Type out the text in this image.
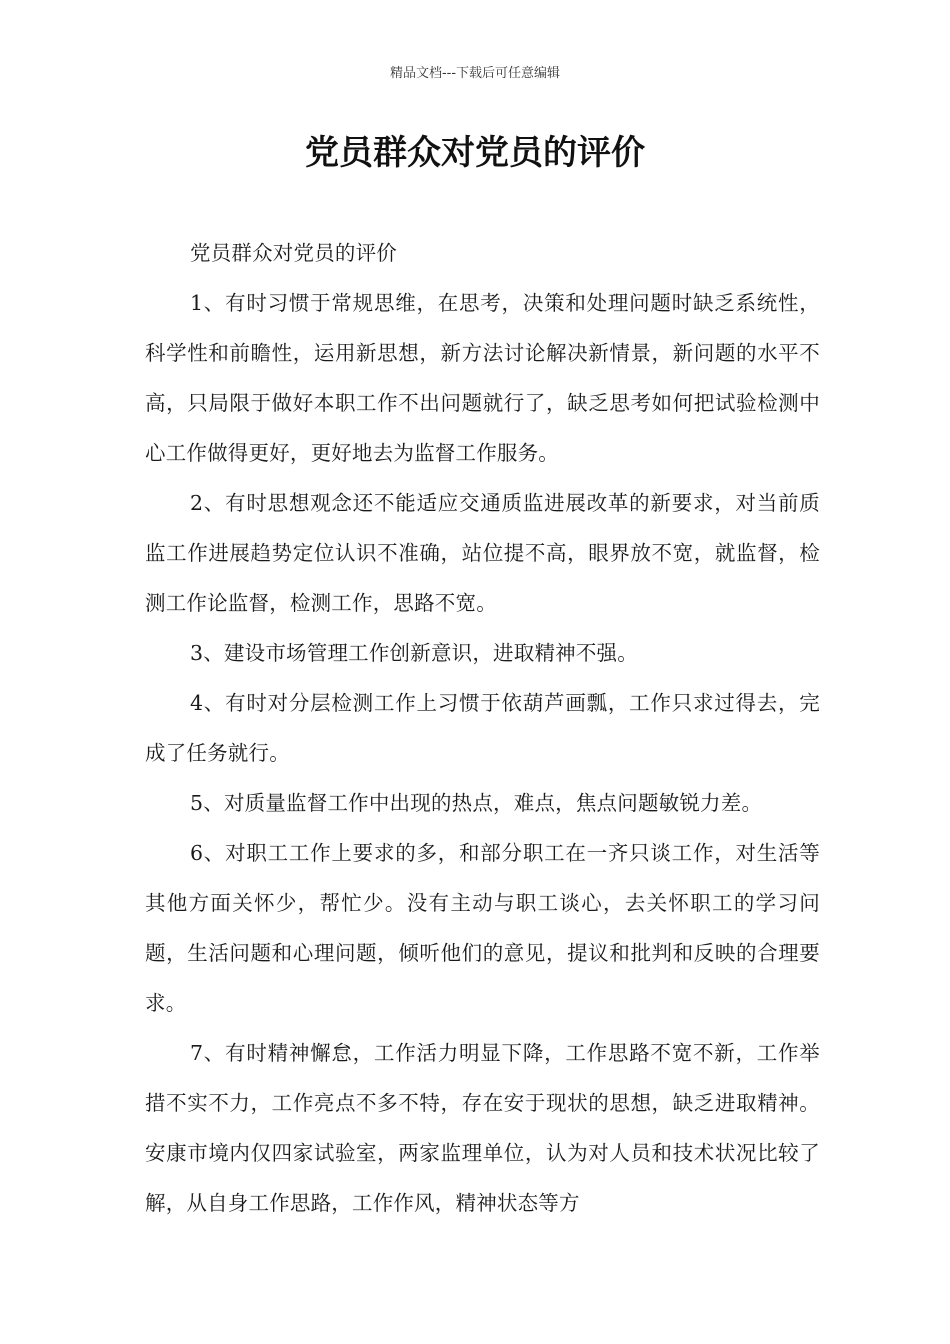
精品文档---下载后可任意编辑
党员群众对党员的评价

党员群众对党员的评价

1、有时习惯于常规思维，在思考，决策和处理问题时缺乏系统性，科学性和前瞻性，运用新思想，新方法讨论解决新情景，新问题的水平不高，只局限于做好本职工作不出问题就行了，缺乏思考如何把试验检测中心工作做得更好，更好地去为监督工作服务。

2、有时思想观念还不能适应交通质监进展改革的新要求，对当前质监工作进展趋势定位认识不准确，站位提不高，眼界放不宽，就监督，检测工作论监督，检测工作，思路不宽。

3、建设市场管理工作创新意识，进取精神不强。

4、有时对分层检测工作上习惯于依葫芦画瓢，工作只求过得去，完成了任务就行。

5、对质量监督工作中出现的热点，难点，焦点问题敏锐力差。

6、对职工工作上要求的多，和部分职工在一齐只谈工作，对生活等其他方面关怀少，帮忙少。没有主动与职工谈心，去关怀职工的学习问题，生活问题和心理问题，倾听他们的意见，提议和批判和反映的合理要求。

7、有时精神懈怠，工作活力明显下降，工作思路不宽不新，工作举措不实不力，工作亮点不多不特，存在安于现状的思想，缺乏进取精神。安康市境内仅四家试验室，两家监理单位，认为对人员和技术状况比较了解，从自身工作思路，工作作风，精神状态等方
